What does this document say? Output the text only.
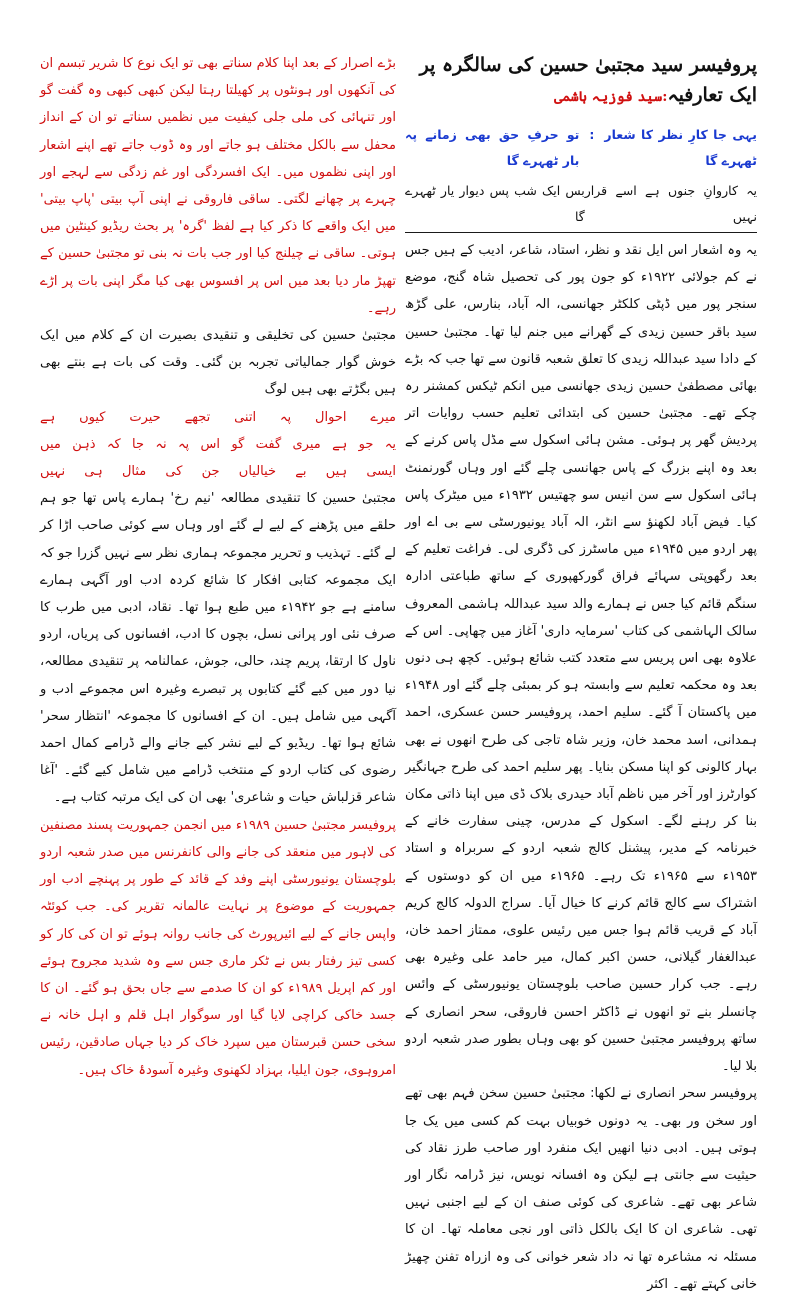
پروفیسر سید مجتبیٰ حسین کی سالگرہ پر ایک تعارفیہ:سید فوزیہ ہاشمی
یہی جا کارِ نظر کا شعار ٹھہرے گا
:
تو حرفِ حق بھی زمانے پہ بار ٹھہرے گا
یہ کاروانِ جنوں ہے اسے قرار نہیں
بس ایک شب پس دیوار یار ٹھہرے گا

یہ وہ اشعار اس ایل نقد و نظر، استاد، شاعر، ادیب کے ہیں جس نے کم جولائی ۱۹۲۲ء کو جون پور کی تحصیل شاہ گنج، موضع سنجر پور میں ڈپٹی کلکٹر جھانسی، الہ آباد، بنارس، علی گڑھ سید باقر حسین زیدی کے گھرانے میں جنم لیا تھا۔ مجتبیٰ حسین کے دادا سید عبداللہ زیدی کا تعلق شعبہ قانون سے تھا جب کہ بڑے بھائی مصطفیٰ حسین زیدی جھانسی میں انکم ٹیکس کمشنر رہ چکے تھے۔ مجتبیٰ حسین کی ابتدائی تعلیم حسب روایات اتر پردیش گھر پر ہوئی۔ مشن ہائی اسکول سے مڈل پاس کرنے کے بعد وہ اپنے بزرگ کے پاس جھانسی چلے گئے اور وہاں گورنمنٹ ہائی اسکول سے سن انیس سو چھتیس ۱۹۳۲ء میں میٹرک پاس کیا۔ فیض آباد لکھنؤ سے انٹر، الہ آباد یونیورسٹی سے بی اے اور پھر اردو میں ۱۹۴۵ء میں ماسٹرز کی ڈگری لی۔ فراغت تعلیم کے بعد رگھوپتی سہائے فراق گورکھپوری کے ساتھ طباعتی ادارہ سنگم قائم کیا جس نے ہمارے والد سید عبداللہ ہاشمی المعروف سالک الہاشمی کی کتاب 'سرمایہ داری' آغاز میں چھاپی۔ اس کے علاوہ بھی اس پریس سے متعدد کتب شائع ہوئیں۔ کچھ ہی دنوں بعد وہ محکمہ تعلیم سے وابستہ ہو کر بمبئی چلے گئے اور ۱۹۴۸ء میں پاکستان آ گئے۔ سلیم احمد، پروفیسر حسن عسکری، احمد ہمدانی، اسد محمد خان، وزیر شاہ تاجی کی طرح انھوں نے بھی بہار کالونی کو اپنا مسکن بنایا۔ پھر سلیم احمد کی طرح جہانگیر کوارٹرز اور آخر میں ناظم آباد حیدری بلاک ڈی میں اپنا ذاتی مکان بنا کر رہنے لگے۔ اسکول کے مدرس، چینی سفارت خانے کے خبرنامہ کے مدیر، پیشنل کالج شعبہ اردو کے سربراہ و استاد ۱۹۵۳ء سے ۱۹۶۵ء تک رہے۔ ۱۹۶۵ء میں ان کو دوستوں کے اشتراک سے کالج قائم کرنے کا خیال آیا۔ سراج الدولہ کالج کریم آباد کے قریب قائم ہوا جس میں رئیس علوی، ممتاز احمد خان، عبدالغفار گیلانی، حسن اکبر کمال، میر حامد علی وغیرہ بھی رہے۔ جب کرار حسین صاحب بلوچستان یونیورسٹی کے وائس چانسلر بنے تو انھوں نے ڈاکٹر احسن فاروقی، سحر انصاری کے ساتھ پروفیسر مجتبیٰ حسین کو بھی وہاں بطور صدر شعبہ اردو بلا لیا۔

پروفیسر سحر انصاری نے لکھا: مجتبیٰ حسین سخن فہم بھی تھے اور سخن ور بھی۔ یہ دونوں خوبیاں بہت کم کسی میں یک جا ہوتی ہیں۔ ادبی دنیا انھیں ایک منفرد اور صاحب طرز نقاد کی حیثیت سے جانتی ہے لیکن وہ افسانہ نویس، نیز ڈرامہ نگار اور شاعر بھی تھے۔ شاعری کی کوئی صنف ان کے لیے اجنبی نہیں تھی۔ شاعری ان کا ایک بالکل ذاتی اور نجی معاملہ تھا۔ ان کا مسئلہ نہ مشاعرہ تھا نہ داد شعر خوانی کی وہ ازراہ تفنن چھیڑ خانی کہتے تھے۔ اکثر

بڑے اصرار کے بعد اپنا کلام سناتے بھی تو ایک نوع کا شریر تبسم ان کی آنکھوں اور ہونٹوں پر کھیلتا رہتا لیکن کبھی کبھی وہ گفت گو اور تنہائی کی ملی جلی کیفیت میں نظمیں سناتے تو ان کے انداز محفل سے بالکل مختلف ہو جاتے اور وہ ڈوب جاتے تھے اپنے اشعار اور اپنی نظموں میں۔ ایک افسردگی اور غم زدگی سے لہجے اور چہرے پر چھانے لگتی۔ ساقی فاروقی نے اپنی آپ بیتی 'پاپ بیتی' میں ایک واقعے کا ذکر کیا ہے لفظ 'گرہ' پر بحث ریڈیو کینٹین میں ہوتی۔ ساقی نے چیلنج کیا اور جب بات نہ بنی تو مجتبیٰ حسین کے تھپڑ مار دیا بعد میں اس پر افسوس بھی کیا مگر اپنی بات پر اڑے رہے۔

مجتبیٰ حسین کی تخلیقی و تنقیدی بصیرت ان کے کلام میں ایک خوش گوار جمالیاتی تجربہ بن گئی۔ وقت کی بات ہے بنتے بھی ہیں بگڑتے بھی ہیں لوگ

میرے
احوال
پہ
اتنی
تجھے
حیرت
کیوں
ہے
یہ
جو
ہے
میری
گفت
گو
اس
پہ
نہ
جا
کہ
ذہن
میں
ایسی
ہیں
بے
خیالیاں
جن
کی
مثال
ہی
نہیں

مجتبیٰ حسین کا تنقیدی مطالعہ 'نیم رخ' ہمارے پاس تھا جو ہم حلقے میں پڑھنے کے لیے لے گئے اور وہاں سے کوئی صاحب اڑا کر لے گئے۔ تہذیب و تحریر مجموعہ ہماری نظر سے نہیں گزرا جو کہ ایک مجموعہ کتابی افکار کا شائع کردہ ادب اور آگہی ہمارے سامنے ہے جو ۱۹۴۲ء میں طبع ہوا تھا۔ نقاد، ادبی میں طرب کا صرف نئی اور پرانی نسل، بچوں کا ادب، افسانوں کی پریاں، اردو ناول کا ارتقا، پریم چند، حالی، جوش، عمالنامہ پر تنقیدی مطالعہ، نیا دور میں کیے گئے کتابوں پر تبصرے وغیرہ اس مجموعے ادب و آگہی میں شامل ہیں۔ ان کے افسانوں کا مجموعہ 'انتظار سحر' شائع ہوا تھا۔ ریڈیو کے لیے نشر کیے جانے والے ڈرامے کمال احمد رضوی کی کتاب اردو کے منتخب ڈرامے میں شامل کیے گئے۔ 'آغا شاعر قزلباش حیات و شاعری' بھی ان کی ایک مرتبہ کتاب ہے۔

پروفیسر مجتبیٰ حسین ۱۹۸۹ء میں انجمن جمہوریت پسند مصنفین کی لاہور میں منعقد کی جانے والی کانفرنس میں صدر شعبہ اردو بلوچستان یونیورسٹی اپنے وفد کے قائد کے طور پر پہنچے ادب اور جمہوریت کے موضوع پر نہایت عالمانہ تقریر کی۔ جب کوئٹہ واپس جانے کے لیے ائیرپورٹ کی جانب روانہ ہوئے تو ان کی کار کو کسی تیز رفتار بس نے ٹکر ماری جس سے وہ شدید مجروح ہوئے اور کم اپریل ۱۹۸۹ء کو ان کا صدمے سے جاں بحق ہو گئے۔ ان کا جسد خاکی کراچی لایا گیا اور سوگوار اہل قلم و اہل خانہ نے سخی حسن قبرستان میں سپرد خاک کر دیا جہاں صادقین، رئیس امروہوی، جون ایلیا، بہزاد لکھنوی وغیرہ آسودۂ خاک ہیں۔
